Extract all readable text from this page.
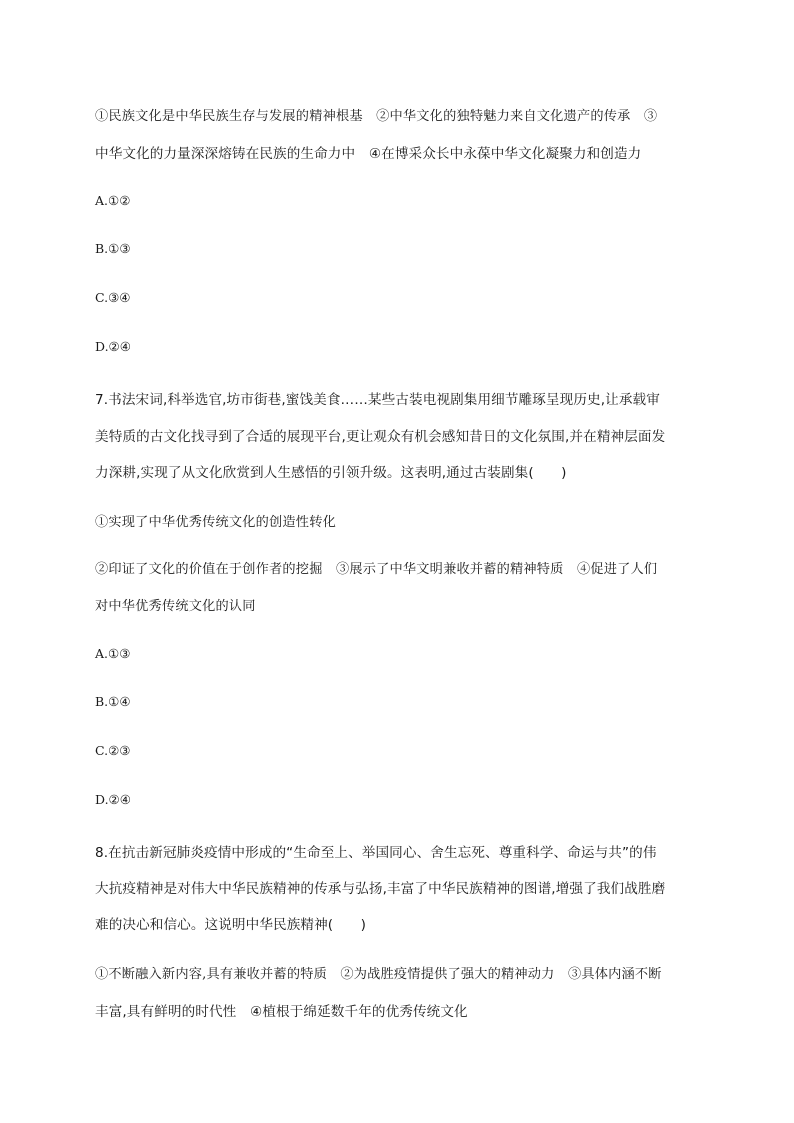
①民族文化是中华民族生存与发展的精神根基　②中华文化的独特魅力来自文化遗产的传承　③
中华文化的力量深深熔铸在民族的生命力中　④在博采众长中永葆中华文化凝聚力和创造力
A.①②
B.①③
C.③④
D.②④
7.书法宋词,科举选官,坊市街巷,蜜饯美食……某些古装电视剧集用细节雕琢呈现历史,让承载审
美特质的古文化找寻到了合适的展现平台,更让观众有机会感知昔日的文化氛围,并在精神层面发
力深耕,实现了从文化欣赏到人生感悟的引领升级。这表明,通过古装剧集(　　)
①实现了中华优秀传统文化的创造性转化
②印证了文化的价值在于创作者的挖掘　③展示了中华文明兼收并蓄的精神特质　④促进了人们
对中华优秀传统文化的认同
A.①③
B.①④
C.②③
D.②④
8.在抗击新冠肺炎疫情中形成的“生命至上、举国同心、舍生忘死、尊重科学、命运与共”的伟
大抗疫精神是对伟大中华民族精神的传承与弘扬,丰富了中华民族精神的图谱,增强了我们战胜磨
难的决心和信心。这说明中华民族精神(　　)
①不断融入新内容,具有兼收并蓄的特质　②为战胜疫情提供了强大的精神动力　③具体内涵不断
丰富,具有鲜明的时代性　④植根于绵延数千年的优秀传统文化
